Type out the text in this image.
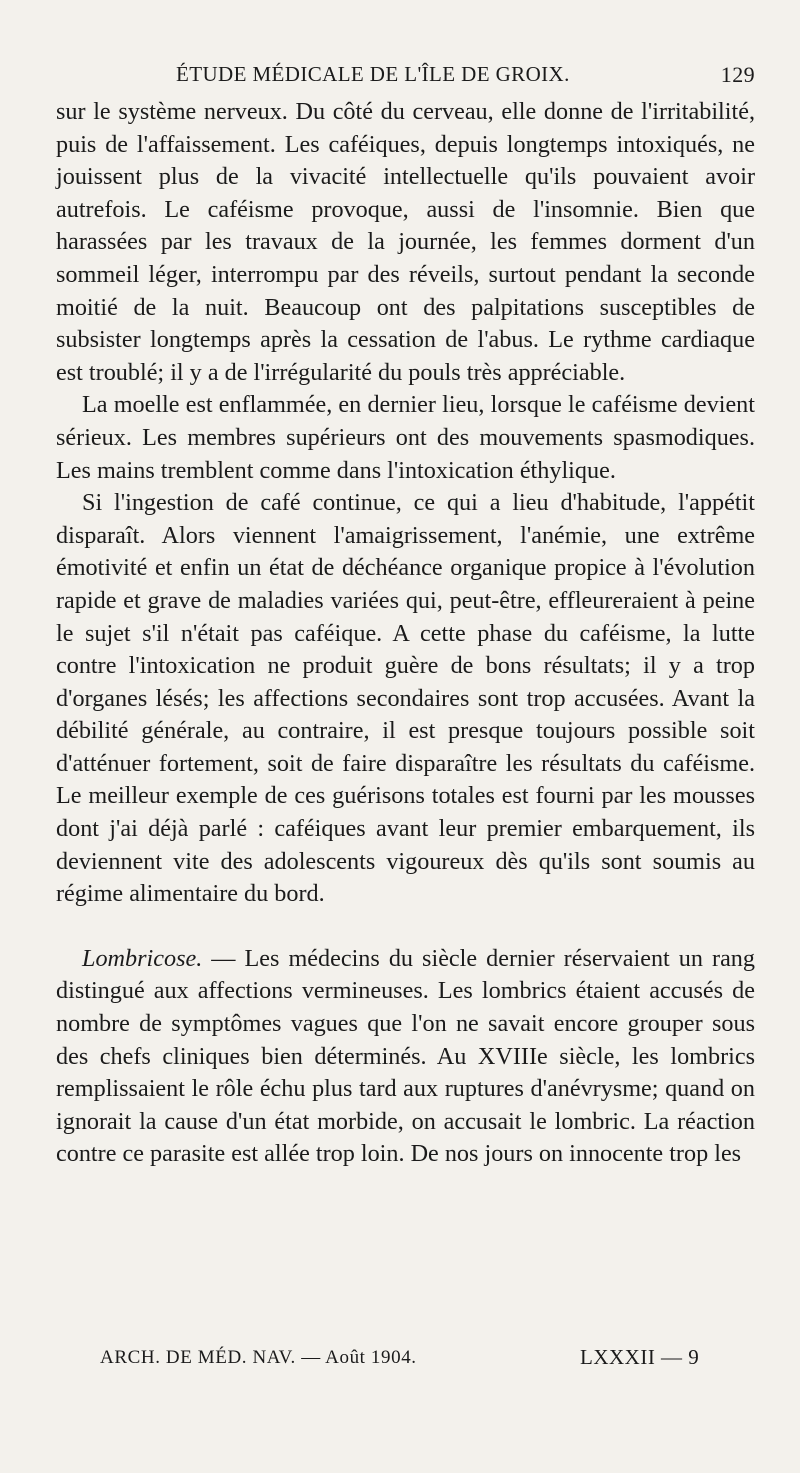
ÉTUDE MÉDICALE DE L'ÎLE DE GROIX.	129

sur le système nerveux. Du côté du cerveau, elle donne de l'irritabilité, puis de l'affaissement. Les caféiques, depuis longtemps intoxiqués, ne jouissent plus de la vivacité intellectuelle qu'ils pouvaient avoir autrefois. Le caféisme provoque, aussi de l'insomnie. Bien que harassées par les travaux de la journée, les femmes dorment d'un sommeil léger, interrompu par des réveils, surtout pendant la seconde moitié de la nuit. Beaucoup ont des palpitations susceptibles de subsister longtemps après la cessation de l'abus. Le rythme cardiaque est troublé; il y a de l'irrégularité du pouls très appréciable.

La moelle est enflammée, en dernier lieu, lorsque le caféisme devient sérieux. Les membres supérieurs ont des mouvements spasmodiques. Les mains tremblent comme dans l'intoxication éthylique.

Si l'ingestion de café continue, ce qui a lieu d'habitude, l'appétit disparaît. Alors viennent l'amaigrissement, l'anémie, une extrême émotivité et enfin un état de déchéance organique propice à l'évolution rapide et grave de maladies variées qui, peut-être, effleureraient à peine le sujet s'il n'était pas caféique. A cette phase du caféisme, la lutte contre l'intoxication ne produit guère de bons résultats; il y a trop d'organes lésés; les affections secondaires sont trop accusées. Avant la débilité générale, au contraire, il est presque toujours possible soit d'atténuer fortement, soit de faire disparaître les résultats du caféisme. Le meilleur exemple de ces guérisons totales est fourni par les mousses dont j'ai déjà parlé : caféiques avant leur premier embarquement, ils deviennent vite des adolescents vigoureux dès qu'ils sont soumis au régime alimentaire du bord.

Lombricose. — Les médecins du siècle dernier réservaient un rang distingué aux affections vermineuses. Les lombrics étaient accusés de nombre de symptômes vagues que l'on ne savait encore grouper sous des chefs cliniques bien déterminés. Au XVIIIe siècle, les lombrics remplissaient le rôle échu plus tard aux ruptures d'anévrysme; quand on ignorait la cause d'un état morbide, on accusait le lombric. La réaction contre ce parasite est allée trop loin. De nos jours on innocente trop les

ARCH. DE MÉD. NAV. — Août 1904.	LXXXII — 9
